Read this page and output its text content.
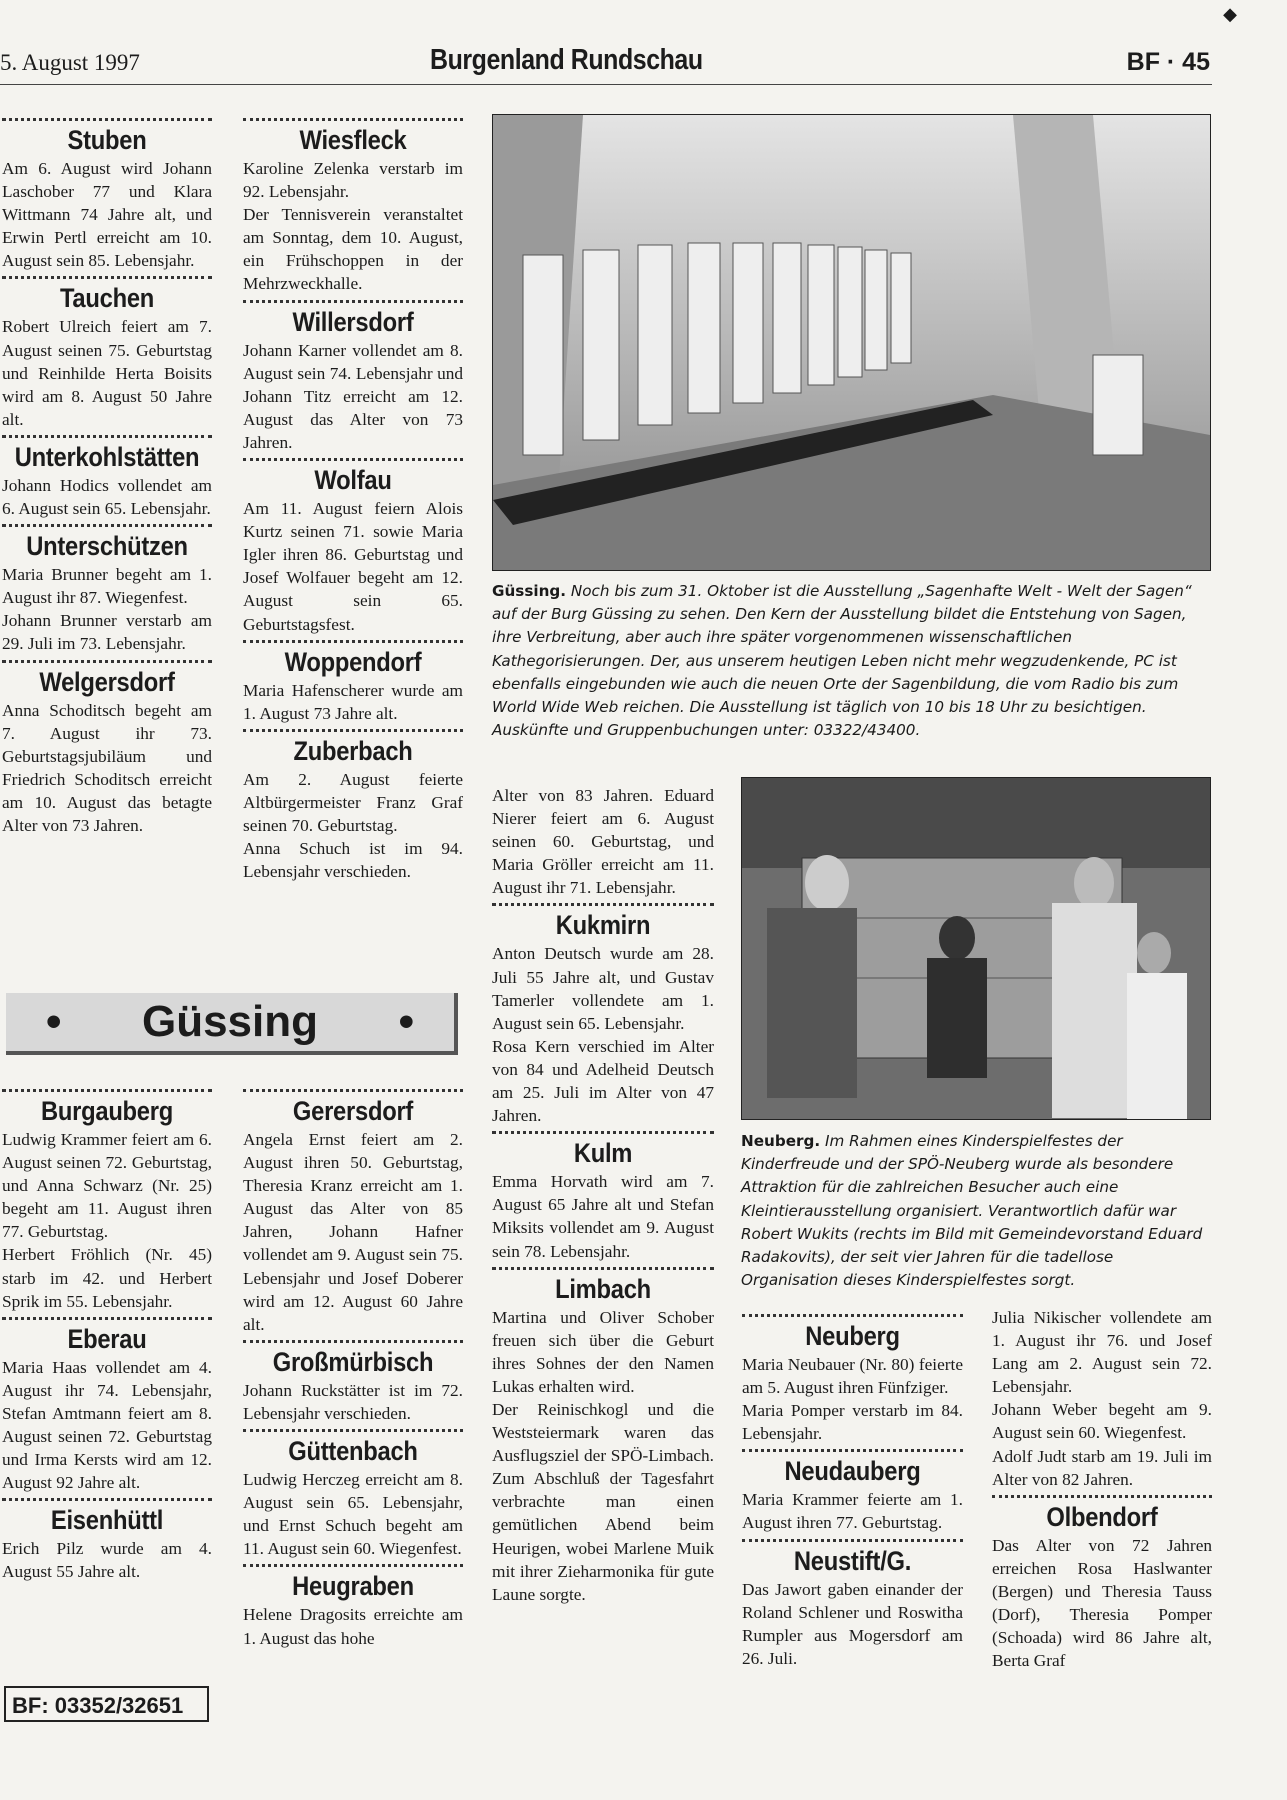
5. August 1997	Burgenland Rundschau	BF · 45
Stuben

Am 6. August wird Johann Laschober 77 und Klara Wittmann 74 Jahre alt, und Erwin Pertl erreicht am 10. August sein 85. Lebensjahr.

Tauchen

Robert Ulreich feiert am 7. August seinen 75. Geburtstag und Reinhilde Herta Boisits wird am 8. August 50 Jahre alt.

Unterkohlstätten

Johann Hodics vollendet am 6. August sein 65. Lebensjahr.

Unterschützen

Maria Brunner begeht am 1. August ihr 87. Wiegenfest.

Johann Brunner verstarb am 29. Juli im 73. Lebensjahr.

Welgersdorf

Anna Schoditsch begeht am 7. August ihr 73. Geburtstagsjubiläum und Friedrich Schoditsch erreicht am 10. August das betagte Alter von 73 Jahren.

Wiesfleck

Karoline Zelenka verstarb im 92. Lebensjahr.

Der Tennisverein veranstaltet am Sonntag, dem 10. August, ein Frühschoppen in der Mehrzweckhalle.

Willersdorf

Johann Karner vollendet am 8. August sein 74. Lebensjahr und Johann Titz erreicht am 12. August das Alter von 73 Jahren.

Wolfau

Am 11. August feiern Alois Kurtz seinen 71. sowie Maria Igler ihren 86. Geburtstag und Josef Wolfauer begeht am 12. August sein 65. Geburtstagsfest.

Woppendorf

Maria Hafenscherer wurde am 1. August 73 Jahre alt.

Zuberbach

Am 2. August feierte Altbürgermeister Franz Graf seinen 70. Geburtstag.

Anna Schuch ist im 94. Lebensjahr verschieden.

Güssing. Noch bis zum 31. Oktober ist die Ausstellung „Sagenhafte Welt - Welt der Sagen“ auf der Burg Güssing zu sehen. Den Kern der Ausstellung bildet die Entstehung von Sagen, ihre Verbreitung, aber auch ihre später vorgenommenen wissenschaftlichen Kathegorisierungen. Der, aus unserem heutigen Leben nicht mehr wegzudenkende, PC ist ebenfalls eingebunden wie auch die neuen Orte der Sagenbildung, die vom Radio bis zum World Wide Web reichen. Die Ausstellung ist täglich von 10 bis 18 Uhr zu besichtigen. Auskünfte und Gruppenbuchungen unter: 03322/43400.

Alter von 83 Jahren. Eduard Nierer feiert am 6. August seinen 60. Geburtstag, und Maria Gröller erreicht am 11. August ihr 71. Lebensjahr.

Kukmirn

Anton Deutsch wurde am 28. Juli 55 Jahre alt, und Gustav Tamerler vollendete am 1. August sein 65. Lebensjahr.

Rosa Kern verschied im Alter von 84 und Adelheid Deutsch am 25. Juli im Alter von 47 Jahren.

Kulm

Emma Horvath wird am 7. August 65 Jahre alt und Stefan Miksits vollendet am 9. August sein 78. Lebensjahr.

Limbach

Martina und Oliver Schober freuen sich über die Geburt ihres Sohnes der den Namen Lukas erhalten wird.

Der Reinischkogl und die Weststeiermark waren das Ausflugsziel der SPÖ-Limbach. Zum Abschluß der Tagesfahrt verbrachte man einen gemütlichen Abend beim Heurigen, wobei Marlene Muik mit ihrer Zieharmonika für gute Laune sorgte.

Neuberg. Im Rahmen eines Kinderspielfestes der Kinderfreude und der SPÖ-Neuberg wurde als besondere Attraktion für die zahlreichen Besucher auch eine Kleintierausstellung organisiert. Verantwortlich dafür war Robert Wukits (rechts im Bild mit Gemeindevorstand Eduard Radakovits), der seit vier Jahren für die tadellose Organisation dieses Kinderspielfestes sorgt.
• Güssing •
Burgauberg

Ludwig Krammer feiert am 6. August seinen 72. Geburtstag, und Anna Schwarz (Nr. 25) begeht am 11. August ihren 77. Geburtstag.

Herbert Fröhlich (Nr. 45) starb im 42. und Herbert Sprik im 55. Lebensjahr.

Eberau

Maria Haas vollendet am 4. August ihr 74. Lebensjahr, Stefan Amtmann feiert am 8. August seinen 72. Geburtstag und Irma Kersts wird am 12. August 92 Jahre alt.

Eisenhüttl

Erich Pilz wurde am 4. August 55 Jahre alt.

Gerersdorf

Angela Ernst feiert am 2. August ihren 50. Geburtstag, Theresia Kranz erreicht am 1. August das Alter von 85 Jahren, Johann Hafner vollendet am 9. August sein 75. Lebensjahr und Josef Doberer wird am 12. August 60 Jahre alt.

Großmürbisch

Johann Ruckstätter ist im 72. Lebensjahr verschieden.

Güttenbach

Ludwig Herczeg erreicht am 8. August sein 65. Lebensjahr, und Ernst Schuch begeht am 11. August sein 60. Wiegenfest.

Heugraben

Helene Dragosits erreichte am 1. August das hohe

Neuberg

Maria Neubauer (Nr. 80) feierte am 5. August ihren Fünfziger.

Maria Pomper verstarb im 84. Lebensjahr.

Neudauberg

Maria Krammer feierte am 1. August ihren 77. Geburtstag.

Neustift/G.

Das Jawort gaben einander der Roland Schlener und Roswitha Rumpler aus Mogersdorf am 26. Juli.

Julia Nikischer vollendete am 1. August ihr 76. und Josef Lang am 2. August sein 72. Lebensjahr.

Johann Weber begeht am 9. August sein 60. Wiegenfest.

Adolf Judt starb am 19. Juli im Alter von 82 Jahren.

Olbendorf

Das Alter von 72 Jahren erreichen Rosa Haslwanter (Bergen) und Theresia Tauss (Dorf), Theresia Pomper (Schoada) wird 86 Jahre alt, Berta Graf

BF: 03352/32651
◆
